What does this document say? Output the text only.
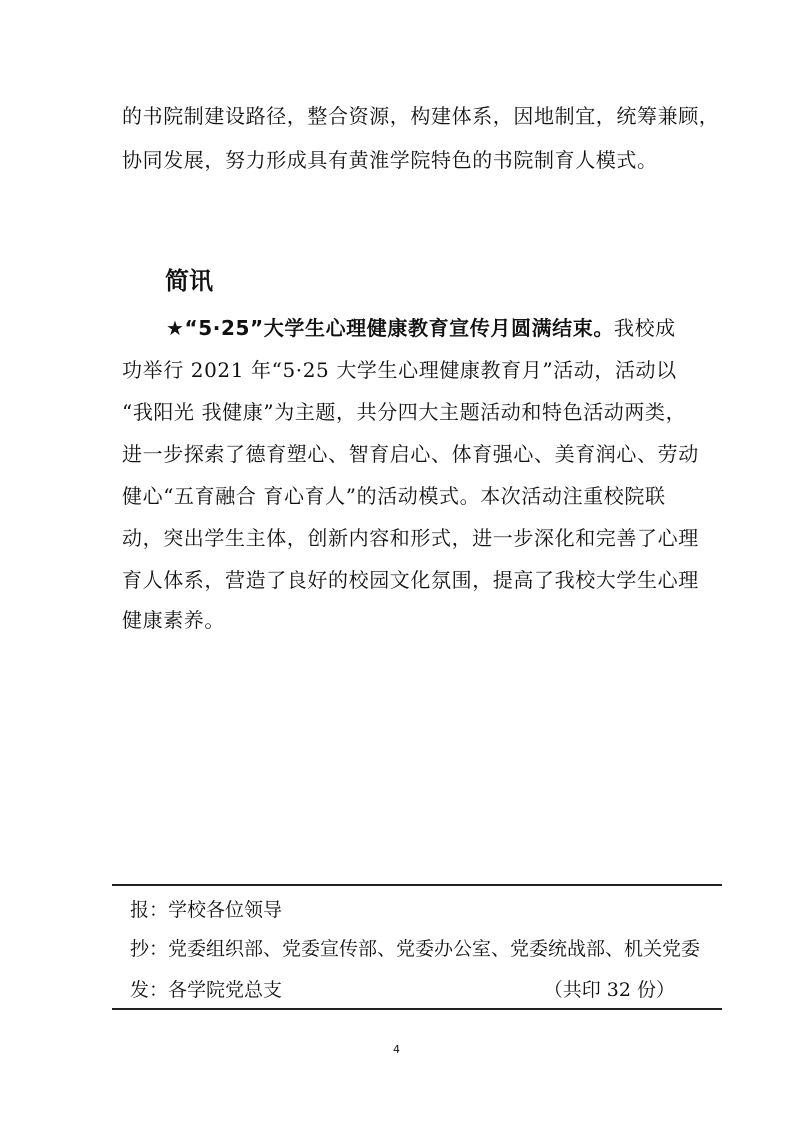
的书院制建设路径，整合资源，构建体系，因地制宜，统筹兼顾，
协同发展，努力形成具有黄淮学院特色的书院制育人模式。
简讯
★“5·25”大学生心理健康教育宣传月圆满结束。我校成
功举行 2021 年“5·25 大学生心理健康教育月”活动，活动以
“我阳光 我健康”为主题，共分四大主题活动和特色活动两类，
进一步探索了德育塑心、智育启心、体育强心、美育润心、劳动
健心“五育融合 育心育人”的活动模式。本次活动注重校院联
动，突出学生主体，创新内容和形式，进一步深化和完善了心理
育人体系，营造了良好的校园文化氛围，提高了我校大学生心理
健康素养。
报：学校各位领导
抄：党委组织部、党委宣传部、党委办公室、党委统战部、机关党委
发：各学院党总支	（共印 32 份）
4
